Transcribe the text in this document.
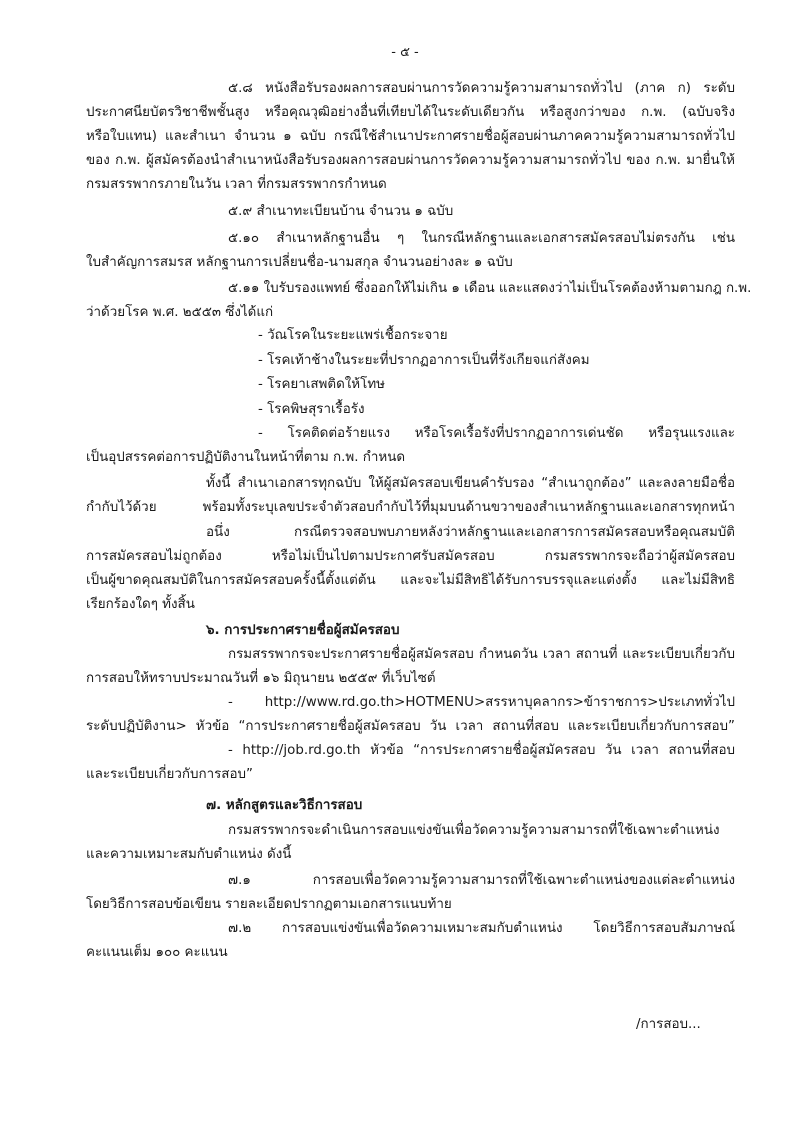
- ๕ -
๕.๘ หนังสือรับรองผลการสอบผ่านการวัดความรู้ความสามารถทั่วไป (ภาค ก) ระดับ
ประกาศนียบัตรวิชาชีพชั้นสูง หรือคุณวุฒิอย่างอื่นที่เทียบได้ในระดับเดียวกัน หรือสูงกว่าของ ก.พ. (ฉบับจริง
หรือใบแทน) และสำเนา จำนวน ๑ ฉบับ กรณีใช้สำเนาประกาศรายชื่อผู้สอบผ่านภาคความรู้ความสามารถทั่วไป
ของ ก.พ. ผู้สมัครต้องนำสำเนาหนังสือรับรองผลการสอบผ่านการวัดความรู้ความสามารถทั่วไป ของ ก.พ. มายื่นให้
กรมสรรพากรภายในวัน เวลา ที่กรมสรรพากรกำหนด
๕.๙ สำเนาทะเบียนบ้าน จำนวน ๑ ฉบับ
๕.๑๐ สำเนาหลักฐานอื่น ๆ ในกรณีหลักฐานและเอกสารสมัครสอบไม่ตรงกัน เช่น
ใบสำคัญการสมรส หลักฐานการเปลี่ยนชื่อ-นามสกุล จำนวนอย่างละ ๑ ฉบับ
๕.๑๑ ใบรับรองแพทย์ ซึ่งออกให้ไม่เกิน ๑ เดือน และแสดงว่าไม่เป็นโรคต้องห้ามตามกฎ ก.พ.
ว่าด้วยโรค พ.ศ. ๒๕๕๓ ซึ่งได้แก่
- วัณโรคในระยะแพร่เชื้อกระจาย
- โรคเท้าช้างในระยะที่ปรากฏอาการเป็นที่รังเกียจแก่สังคม
- โรคยาเสพติดให้โทษ
- โรคพิษสุราเรื้อรัง
- โรคติดต่อร้ายแรง หรือโรคเรื้อรังที่ปรากฏอาการเด่นชัด หรือรุนแรงและ
เป็นอุปสรรคต่อการปฏิบัติงานในหน้าที่ตาม ก.พ. กำหนด
ทั้งนี้ สำเนาเอกสารทุกฉบับ ให้ผู้สมัครสอบเขียนคำรับรอง “สำเนาถูกต้อง” และลงลายมือชื่อ
กำกับไว้ด้วย พร้อมทั้งระบุเลขประจำตัวสอบกำกับไว้ที่มุมบนด้านขวาของสำเนาหลักฐานและเอกสารทุกหน้า
อนึ่ง กรณีตรวจสอบพบภายหลังว่าหลักฐานและเอกสารการสมัครสอบหรือคุณสมบัติ
การสมัครสอบไม่ถูกต้อง หรือไม่เป็นไปตามประกาศรับสมัครสอบ กรมสรรพากรจะถือว่าผู้สมัครสอบ
เป็นผู้ขาดคุณสมบัติในการสมัครสอบครั้งนี้ตั้งแต่ต้น และจะไม่มีสิทธิได้รับการบรรจุและแต่งตั้ง และไม่มีสิทธิ
เรียกร้องใดๆ ทั้งสิ้น
๖. การประกาศรายชื่อผู้สมัครสอบ
กรมสรรพากรจะประกาศรายชื่อผู้สมัครสอบ กำหนดวัน เวลา สถานที่ และระเบียบเกี่ยวกับ
การสอบให้ทราบประมาณวันที่ ๑๖ มิถุนายน ๒๕๕๙ ที่เว็บไซต์
- http://www.rd.go.th>HOTMENU>สรรหาบุคลากร>ข้าราชการ>ประเภททั่วไป
ระดับปฏิบัติงาน> หัวข้อ “การประกาศรายชื่อผู้สมัครสอบ วัน เวลา สถานที่สอบ และระเบียบเกี่ยวกับการสอบ”
- http://job.rd.go.th หัวข้อ “การประกาศรายชื่อผู้สมัครสอบ วัน เวลา สถานที่สอบ
และระเบียบเกี่ยวกับการสอบ”
๗. หลักสูตรและวิธีการสอบ
กรมสรรพากรจะดำเนินการสอบแข่งขันเพื่อวัดความรู้ความสามารถที่ใช้เฉพาะตำแหน่ง
และความเหมาะสมกับตำแหน่ง ดังนี้
๗.๑ การสอบเพื่อวัดความรู้ความสามารถที่ใช้เฉพาะตำแหน่งของแต่ละตำแหน่ง
โดยวิธีการสอบข้อเขียน รายละเอียดปรากฏตามเอกสารแนบท้าย
๗.๒ การสอบแข่งขันเพื่อวัดความเหมาะสมกับตำแหน่ง โดยวิธีการสอบสัมภาษณ์
คะแนนเต็ม ๑๐๐ คะแนน
/การสอบ...
